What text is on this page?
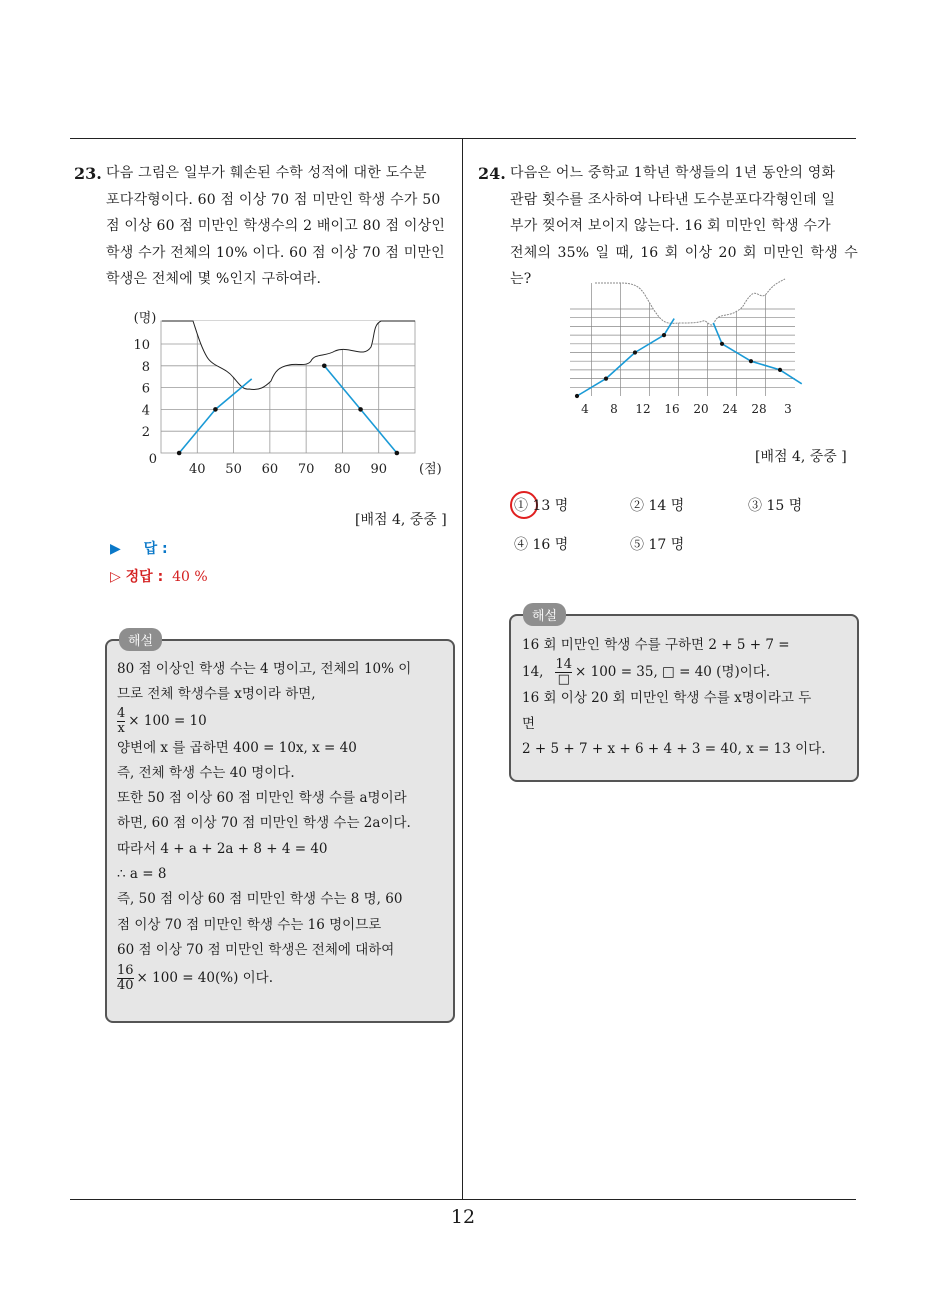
12
23. 다음 그림은 일부가 훼손된 수학 성적에 대한 도수분
포다각형이다. 60 점 이상 70 점 미만인 학생 수가 50
점 이상 60 점 미만인 학생수의 2 배이고 80 점 이상인
학생 수가 전체의 10% 이다. 60 점 이상 70 점 미만인
학생은 전체에 몇 %인지 구하여라.
40 50 60 70 80 90
0
2
4
6
8
10
(명)
(점)
[배점 4, 중중 ]
▶ 답 :
▷ 정답 : 40 %
해설
80 점 이상인 학생 수는 4 명이고, 전체의 10% 이
므로 전체 학생수를 x명이라 하면,
$\frac{4}{x} \times 100 = 10$
양변에 x 를 곱하면 400 = 10x, x = 40
즉, 전체 학생 수는 40 명이다.
또한 50 점 이상 60 점 미만인 학생 수를 a명이라
하면, 60 점 이상 70 점 미만인 학생 수는 2a이다.
따라서 4 + a + 2a + 8 + 4 = 40
∴ a = 8
즉, 50 점 이상 60 점 미만인 학생 수는 8 명, 60
점 이상 70 점 미만인 학생 수는 16 명이므로
60 점 이상 70 점 미만인 학생은 전체에 대하여
$\frac{16}{40} \times 100 = 40(\%)$ 이다.
24. 다음은 어느 중학교 1학년 학생들의 1년 동안의 영화
관람 횟수를 조사하여 나타낸 도수분포다각형인데 일
부가 찢어져 보이지 않는다. 16 회 미만인 학생 수가
전체의 35% 일 때, 16 회 이상 20 회 미만인 학생 수는?
4 8 12 16 20 24 28 3
[배점 4, 중중 ]
① 13 명	② 14 명	③ 15 명
④ 16 명	⑤ 17 명
해설
16 회 미만인 학생 수를 구하면 2 + 5 + 7 =
14, $\frac{14}{□} \times 100 = 35$, □ = 40 (명)이다.
16 회 이상 20 회 미만인 학생 수를 x명이라고 두
면
2 + 5 + 7 + x + 6 + 4 + 3 = 40, x = 13 이다.
